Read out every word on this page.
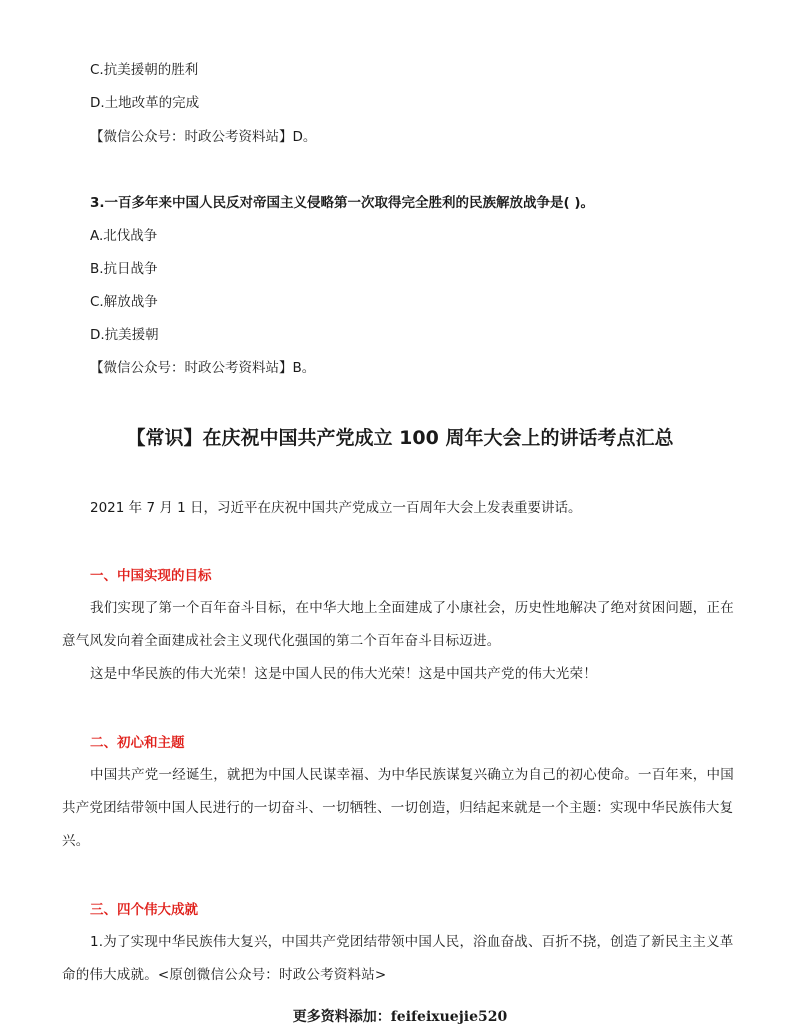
C.抗美援朝的胜利
D.土地改革的完成
【微信公众号：时政公考资料站】D。
3.一百多年来中国人民反对帝国主义侵略第一次取得完全胜利的民族解放战争是( )。
A.北伐战争
B.抗日战争
C.解放战争
D.抗美援朝
【微信公众号：时政公考资料站】B。
【常识】在庆祝中国共产党成立 100 周年大会上的讲话考点汇总
2021 年 7 月 1 日，习近平在庆祝中国共产党成立一百周年大会上发表重要讲话。
一、中国实现的目标
我们实现了第一个百年奋斗目标，在中华大地上全面建成了小康社会，历史性地解决了绝对贫困问题，正在意气风发向着全面建成社会主义现代化强国的第二个百年奋斗目标迈进。
这是中华民族的伟大光荣！这是中国人民的伟大光荣！这是中国共产党的伟大光荣！
二、初心和主题
中国共产党一经诞生，就把为中国人民谋幸福、为中华民族谋复兴确立为自己的初心使命。一百年来，中国共产党团结带领中国人民进行的一切奋斗、一切牺牲、一切创造，归结起来就是一个主题：实现中华民族伟大复兴。
三、四个伟大成就
1.为了实现中华民族伟大复兴，中国共产党团结带领中国人民，浴血奋战、百折不挠，创造了新民主主义革命的伟大成就。<原创微信公众号：时政公考资料站>
更多资料添加：feifeixuejie520
